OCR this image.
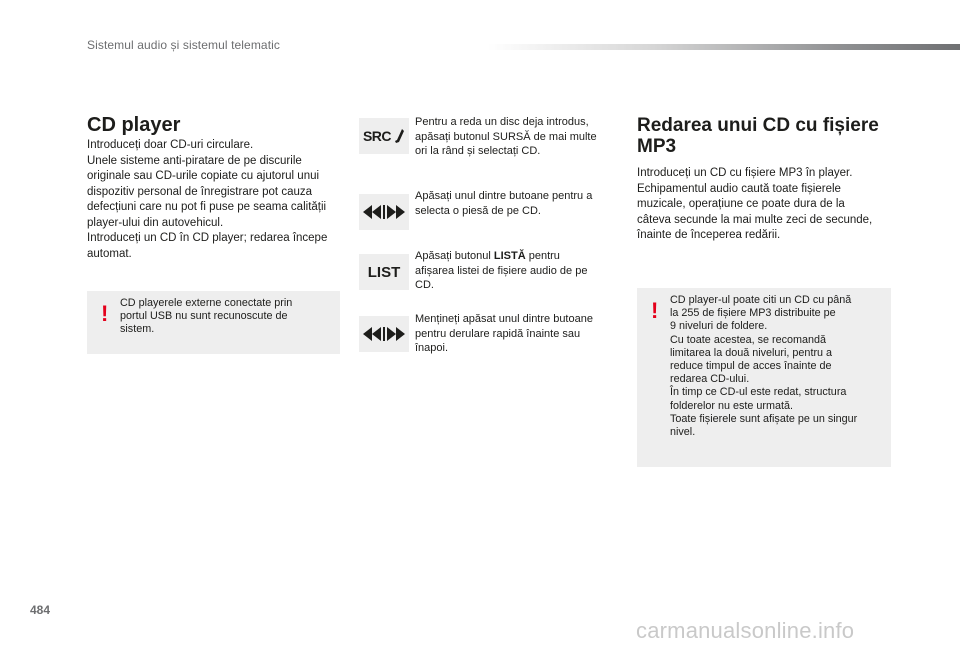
Sistemul audio și sistemul telematic
CD player

Introduceți doar CD-uri circulare.

Unele sisteme anti-piratare de pe discurile

originale sau CD-urile copiate cu ajutorul unui

dispozitiv personal de înregistrare pot cauza

defecțiuni care nu pot fi puse pe seama calității

player-ului din autovehicul.

Introduceți un CD în CD player; redarea începe

automat.

! CD playerele externe conectate prin

portul USB nu sunt recunoscute de

sistem.

SRC

Pentru a reda un disc deja introdus,

apăsați butonul SURSĂ de mai multe

ori la rând și selectați CD.

Apăsați unul dintre butoane pentru a

selecta o piesă de pe CD.

LIST

Apăsați butonul LISTĂ pentru

afișarea listei de fișiere audio de pe

CD.

Mențineți apăsat unul dintre butoane

pentru derulare rapidă înainte sau

înapoi.

Redarea unui CD cu fișiere
MP3

Introduceți un CD cu fișiere MP3 în player.

Echipamentul audio caută toate fișierele

muzicale, operațiune ce poate dura de la

câteva secunde la mai multe zeci de secunde,

înainte de începerea redării.

! CD player-ul poate citi un CD cu până

la 255 de fișiere MP3 distribuite pe

9 niveluri de foldere.

Cu toate acestea, se recomandă

limitarea la două niveluri, pentru a

reduce timpul de acces înainte de

redarea CD-ului.

În timp ce CD-ul este redat, structura

folderelor nu este urmată.

Toate fișierele sunt afișate pe un singur

nivel.

484
carmanualsonline.info
